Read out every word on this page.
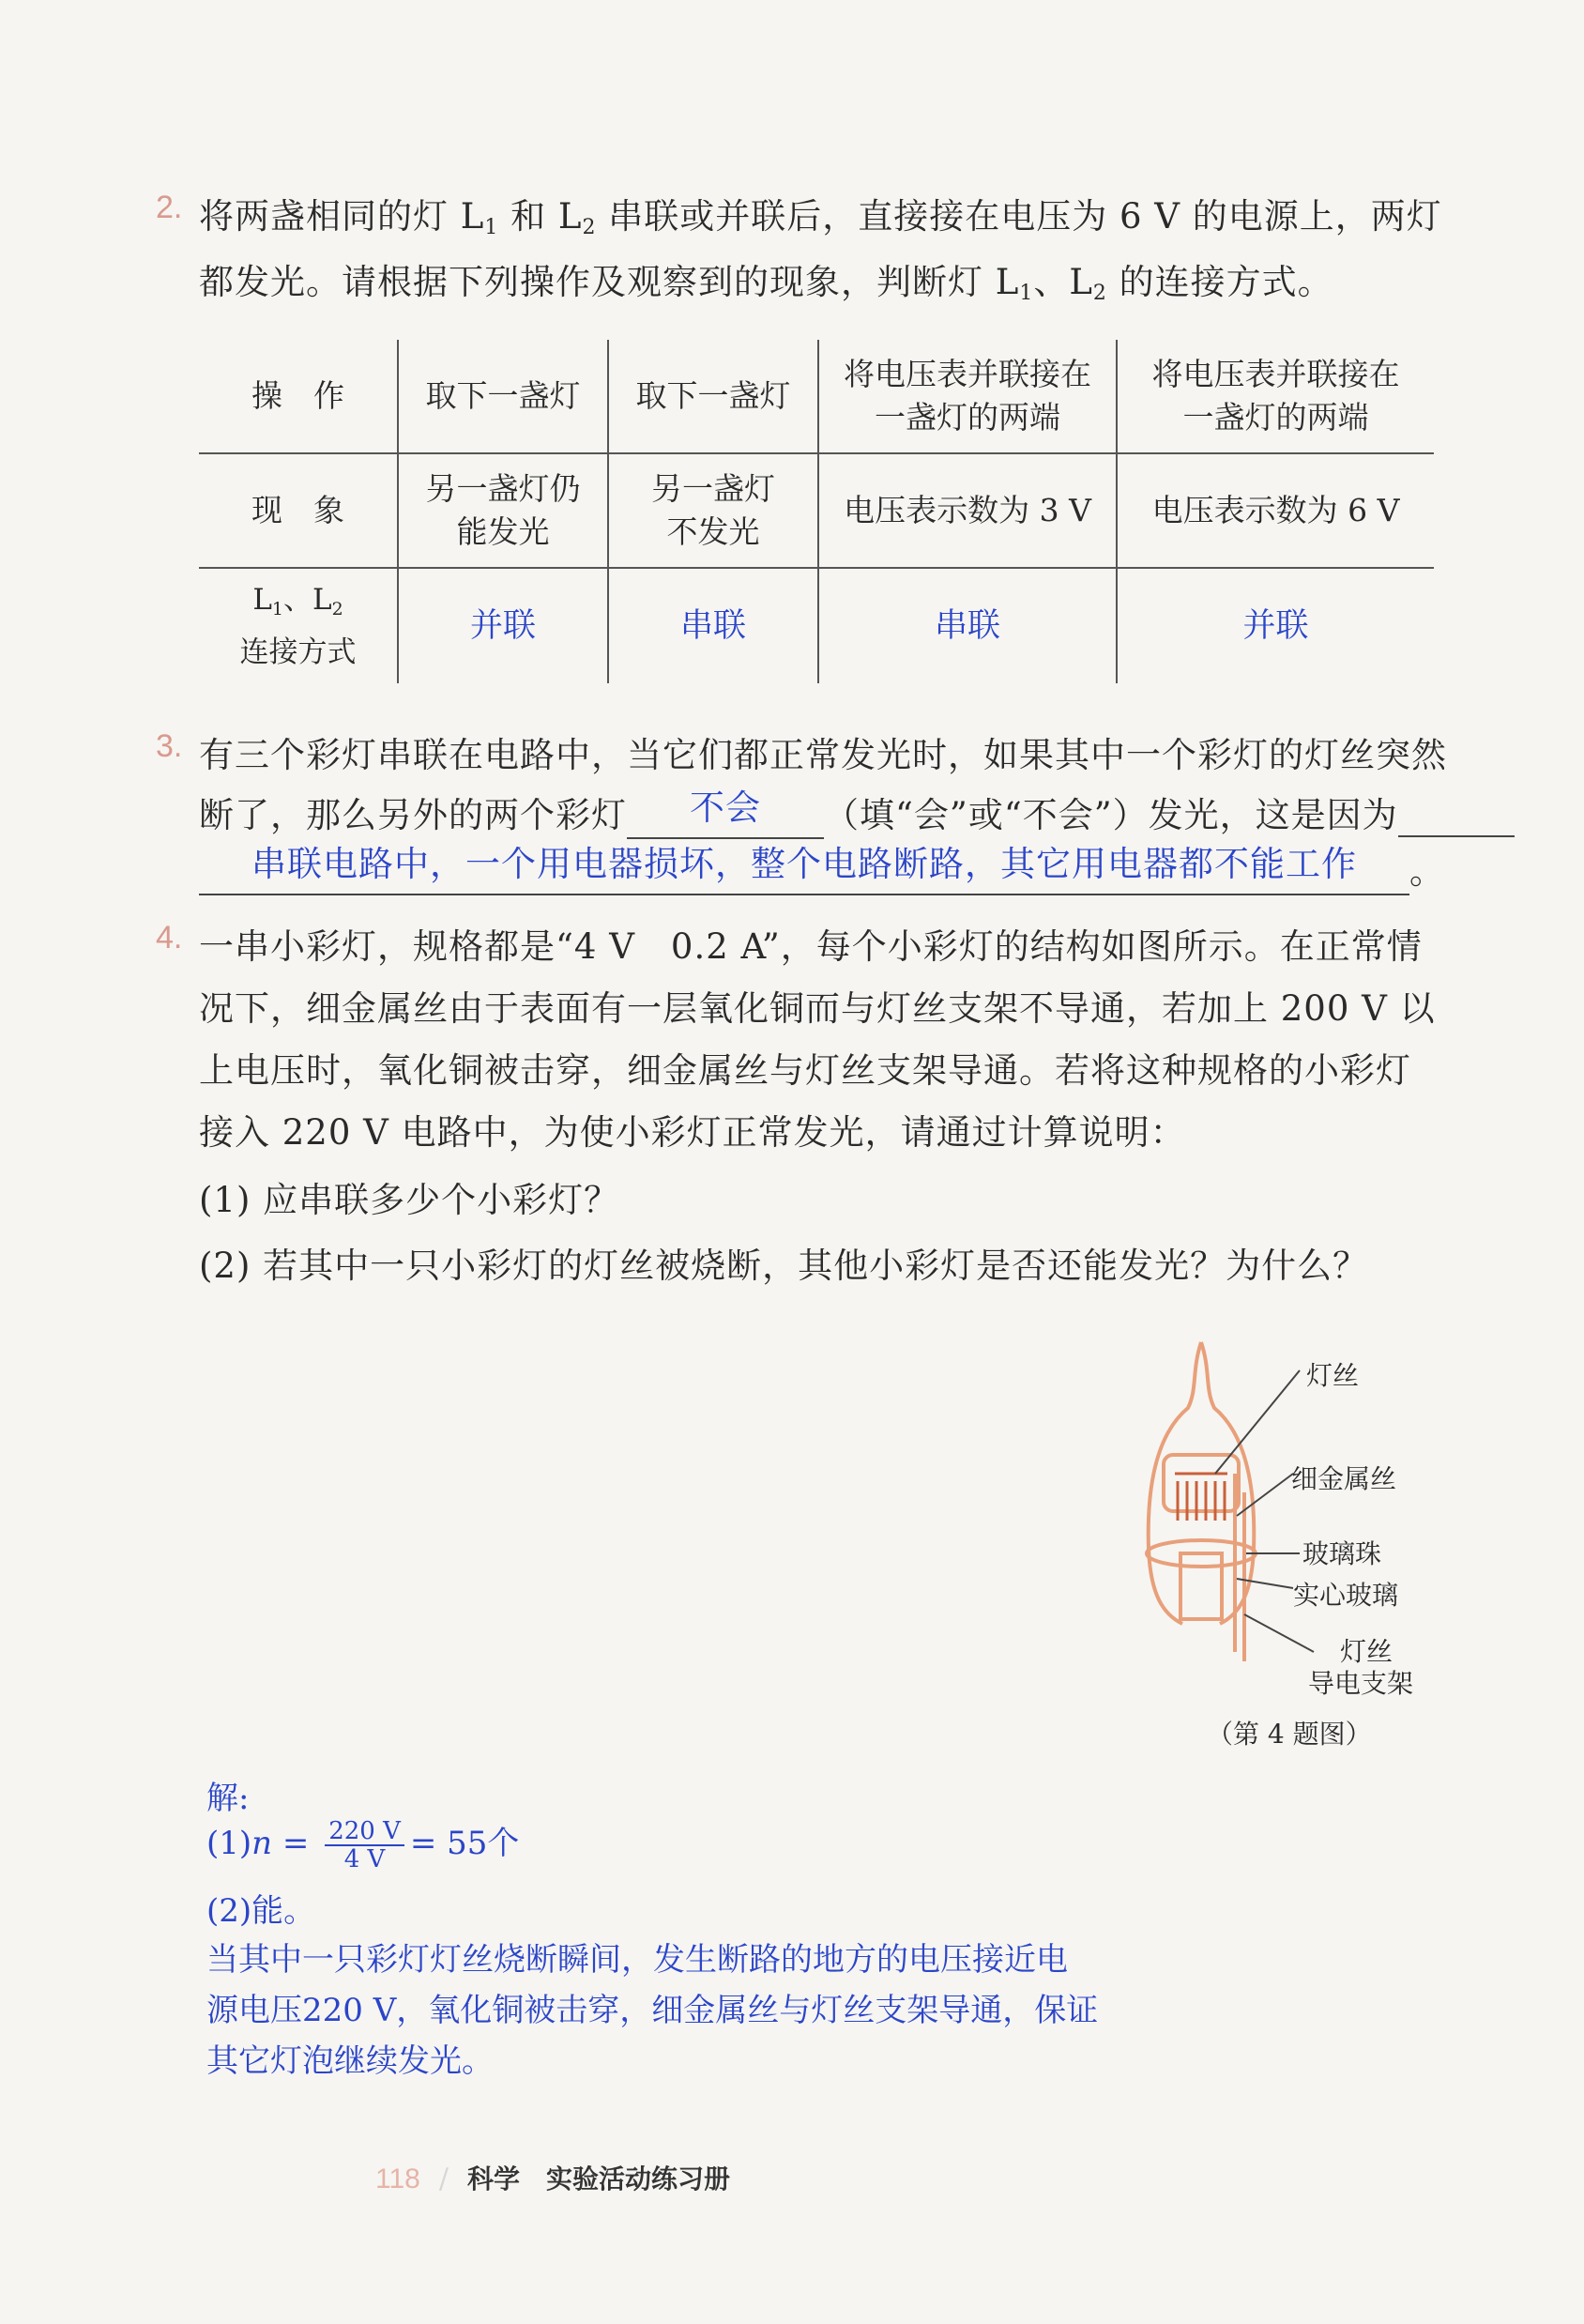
2. 将两盏相同的灯 $L_1$ 和 $L_2$ 串联或并联后，直接接在电压为 6 V 的电源上，两灯
都发光。请根据下列操作及观察到的现象，判断灯 $L_1$、$L_2$ 的连接方式。
操　作	取下一盏灯	取下一盏灯	将电压表并联接在一盏灯的两端	将电压表并联接在一盏灯的两端

现　象	另一盏灯仍能发光	另一盏灯不发光	电压表示数为 3 V	电压表示数为 6 V

$L_1$、$L_2$
连接方式	并联	串联	串联	并联
3. 有三个彩灯串联在电路中，当它们都正常发光时，如果其中一个彩灯的灯丝突然
断了，那么另外的两个彩灯 不会 （填“会”或“不会”）发光，这是因为
串联电路中，一个用电器损坏，整个电路断路，其它用电器都不能工作 。
4. 一串小彩灯，规格都是“4 V　0.2 A”，每个小彩灯的结构如图所示。在正常情
况下，细金属丝由于表面有一层氧化铜而与灯丝支架不导通，若加上 200 V 以
上电压时，氧化铜被击穿，细金属丝与灯丝支架导通。若将这种规格的小彩灯
接入 220 V 电路中，为使小彩灯正常发光，请通过计算说明：
(1) 应串联多少个小彩灯？
(2) 若其中一只小彩灯的灯丝被烧断，其他小彩灯是否还能发光？为什么？
灯丝
细金属丝
玻璃珠
实心玻璃
灯丝
导电支架
（第 4 题图）
解:
$(1)n = \frac{220 V}{4 V} = 55$个
(2)能。
当其中一只彩灯灯丝烧断瞬间，发生断路的地方的电压接近电
源电压220 V，氧化铜被击穿，细金属丝与灯丝支架导通，保证
其它灯泡继续发光。
118 / 科学　实验活动练习册
